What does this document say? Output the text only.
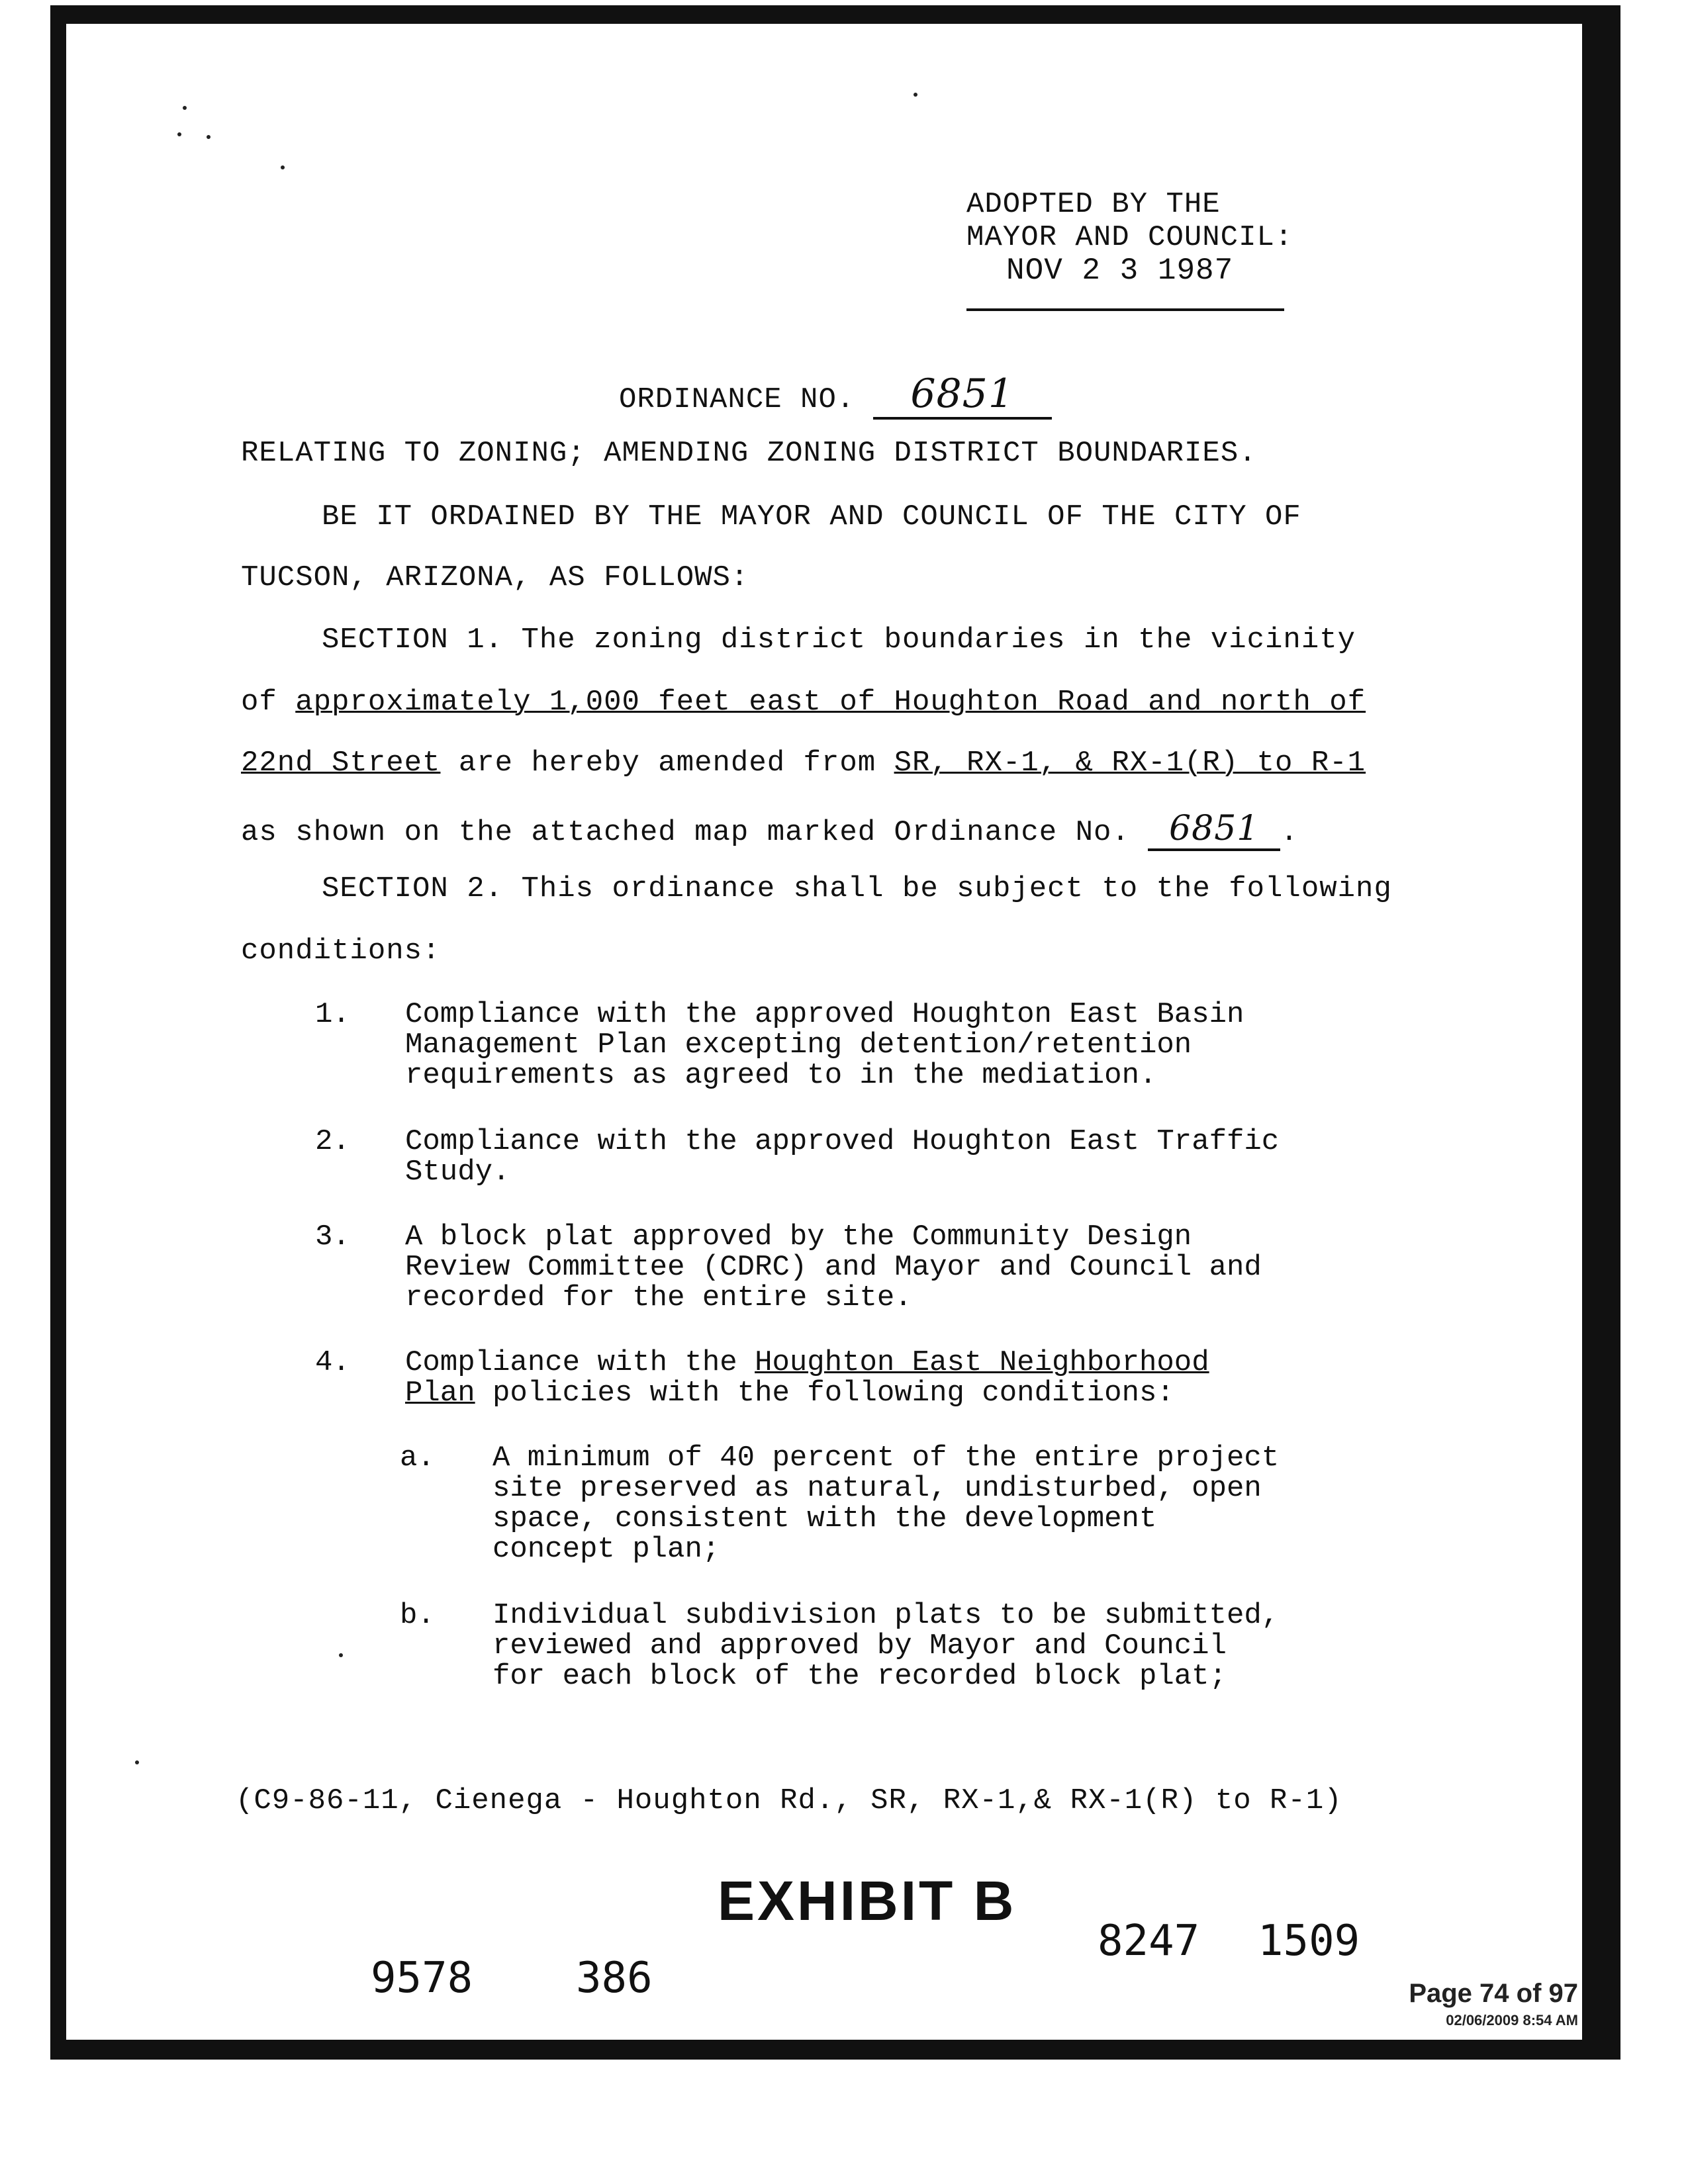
ADOPTED BY THE
MAYOR AND COUNCIL:
NOV 2 3 1987
ORDINANCE NO. 6851
RELATING TO ZONING; AMENDING ZONING DISTRICT BOUNDARIES.
BE IT ORDAINED BY THE MAYOR AND COUNCIL OF THE CITY OF
TUCSON, ARIZONA, AS FOLLOWS:
SECTION 1. The zoning district boundaries in the vicinity
of approximately 1,000 feet east of Houghton Road and north of
22nd Street are hereby amended from SR, RX-1, & RX-1(R) to R-1
as shown on the attached map marked Ordinance No. 6851 .
SECTION 2. This ordinance shall be subject to the following
conditions:
1. Compliance with the approved Houghton East Basin
Management Plan excepting detention/retention
requirements as agreed to in the mediation.
2. Compliance with the approved Houghton East Traffic
Study.
3. A block plat approved by the Community Design
Review Committee (CDRC) and Mayor and Council and
recorded for the entire site.
4. Compliance with the Houghton East Neighborhood
Plan policies with the following conditions:
a. A minimum of 40 percent of the entire project
site preserved as natural, undisturbed, open
space, consistent with the development
concept plan;
b. Individual subdivision plats to be submitted,
reviewed and approved by Mayor and Council
for each block of the recorded block plat;
(C9-86-11, Cienega - Houghton Rd., SR, RX-1,& RX-1(R) to R-1)
EXHIBIT B
8247 1509
9578 386	Page 74 of 97
02/06/2009 8:54 AM
